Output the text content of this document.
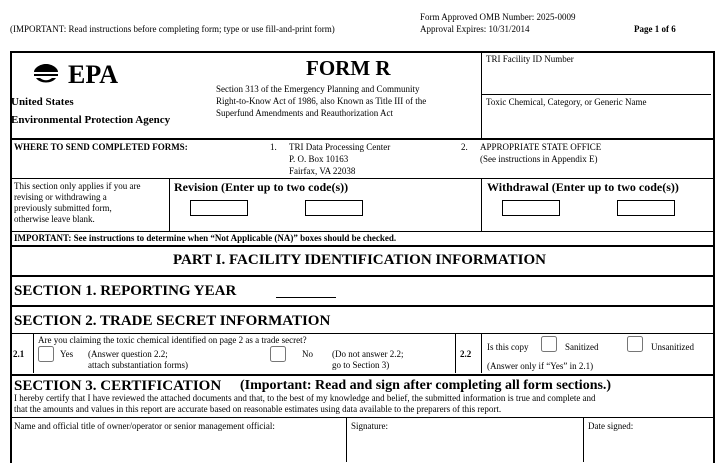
(IMPORTANT: Read instructions before completing form; type or use fill-and-print form)
Form Approved OMB Number: 2025-0009
Approval Expires: 10/31/2014	Page 1 of 6
EPA
United States
Environmental Protection Agency
FORM R
Section 313 of the Emergency Planning and Community
Right-to-Know Act of 1986, also Known as Title III of the
Superfund Amendments and Reauthorization Act
TRI Facility ID Number
Toxic Chemical, Category, or Generic Name
WHERE TO SEND COMPLETED FORMS:	1. TRI Data Processing Center
P. O. Box 10163
Fairfax, VA 22038
2. APPROPRIATE STATE OFFICE
(See instructions in Appendix E)
This section only applies if you are
revising or withdrawing a
previously submitted form,
otherwise leave blank.
Revision (Enter up to two code(s))	Withdrawal (Enter up to two code(s))
IMPORTANT: See instructions to determine when “Not Applicable (NA)” boxes should be checked.
PART I. FACILITY IDENTIFICATION INFORMATION
SECTION 1. REPORTING YEAR
SECTION 2. TRADE SECRET INFORMATION
2.1
Are you claiming the toxic chemical identified on page 2 as a trade secret?
Yes (Answer question 2.2;
attach substantiation forms)
No (Do not answer 2.2;
go to Section 3)
2.2
Is this copy	Sanitized	Unsanitized
(Answer only if “Yes” in 2.1)
SECTION 3. CERTIFICATION (Important: Read and sign after completing all form sections.)
I hereby certify that I have reviewed the attached documents and that, to the best of my knowledge and belief, the submitted information is true and complete and
that the amounts and values in this report are accurate based on reasonable estimates using data available to the preparers of this report.
Name and official title of owner/operator or senior management official:	Signature:	Date signed:
